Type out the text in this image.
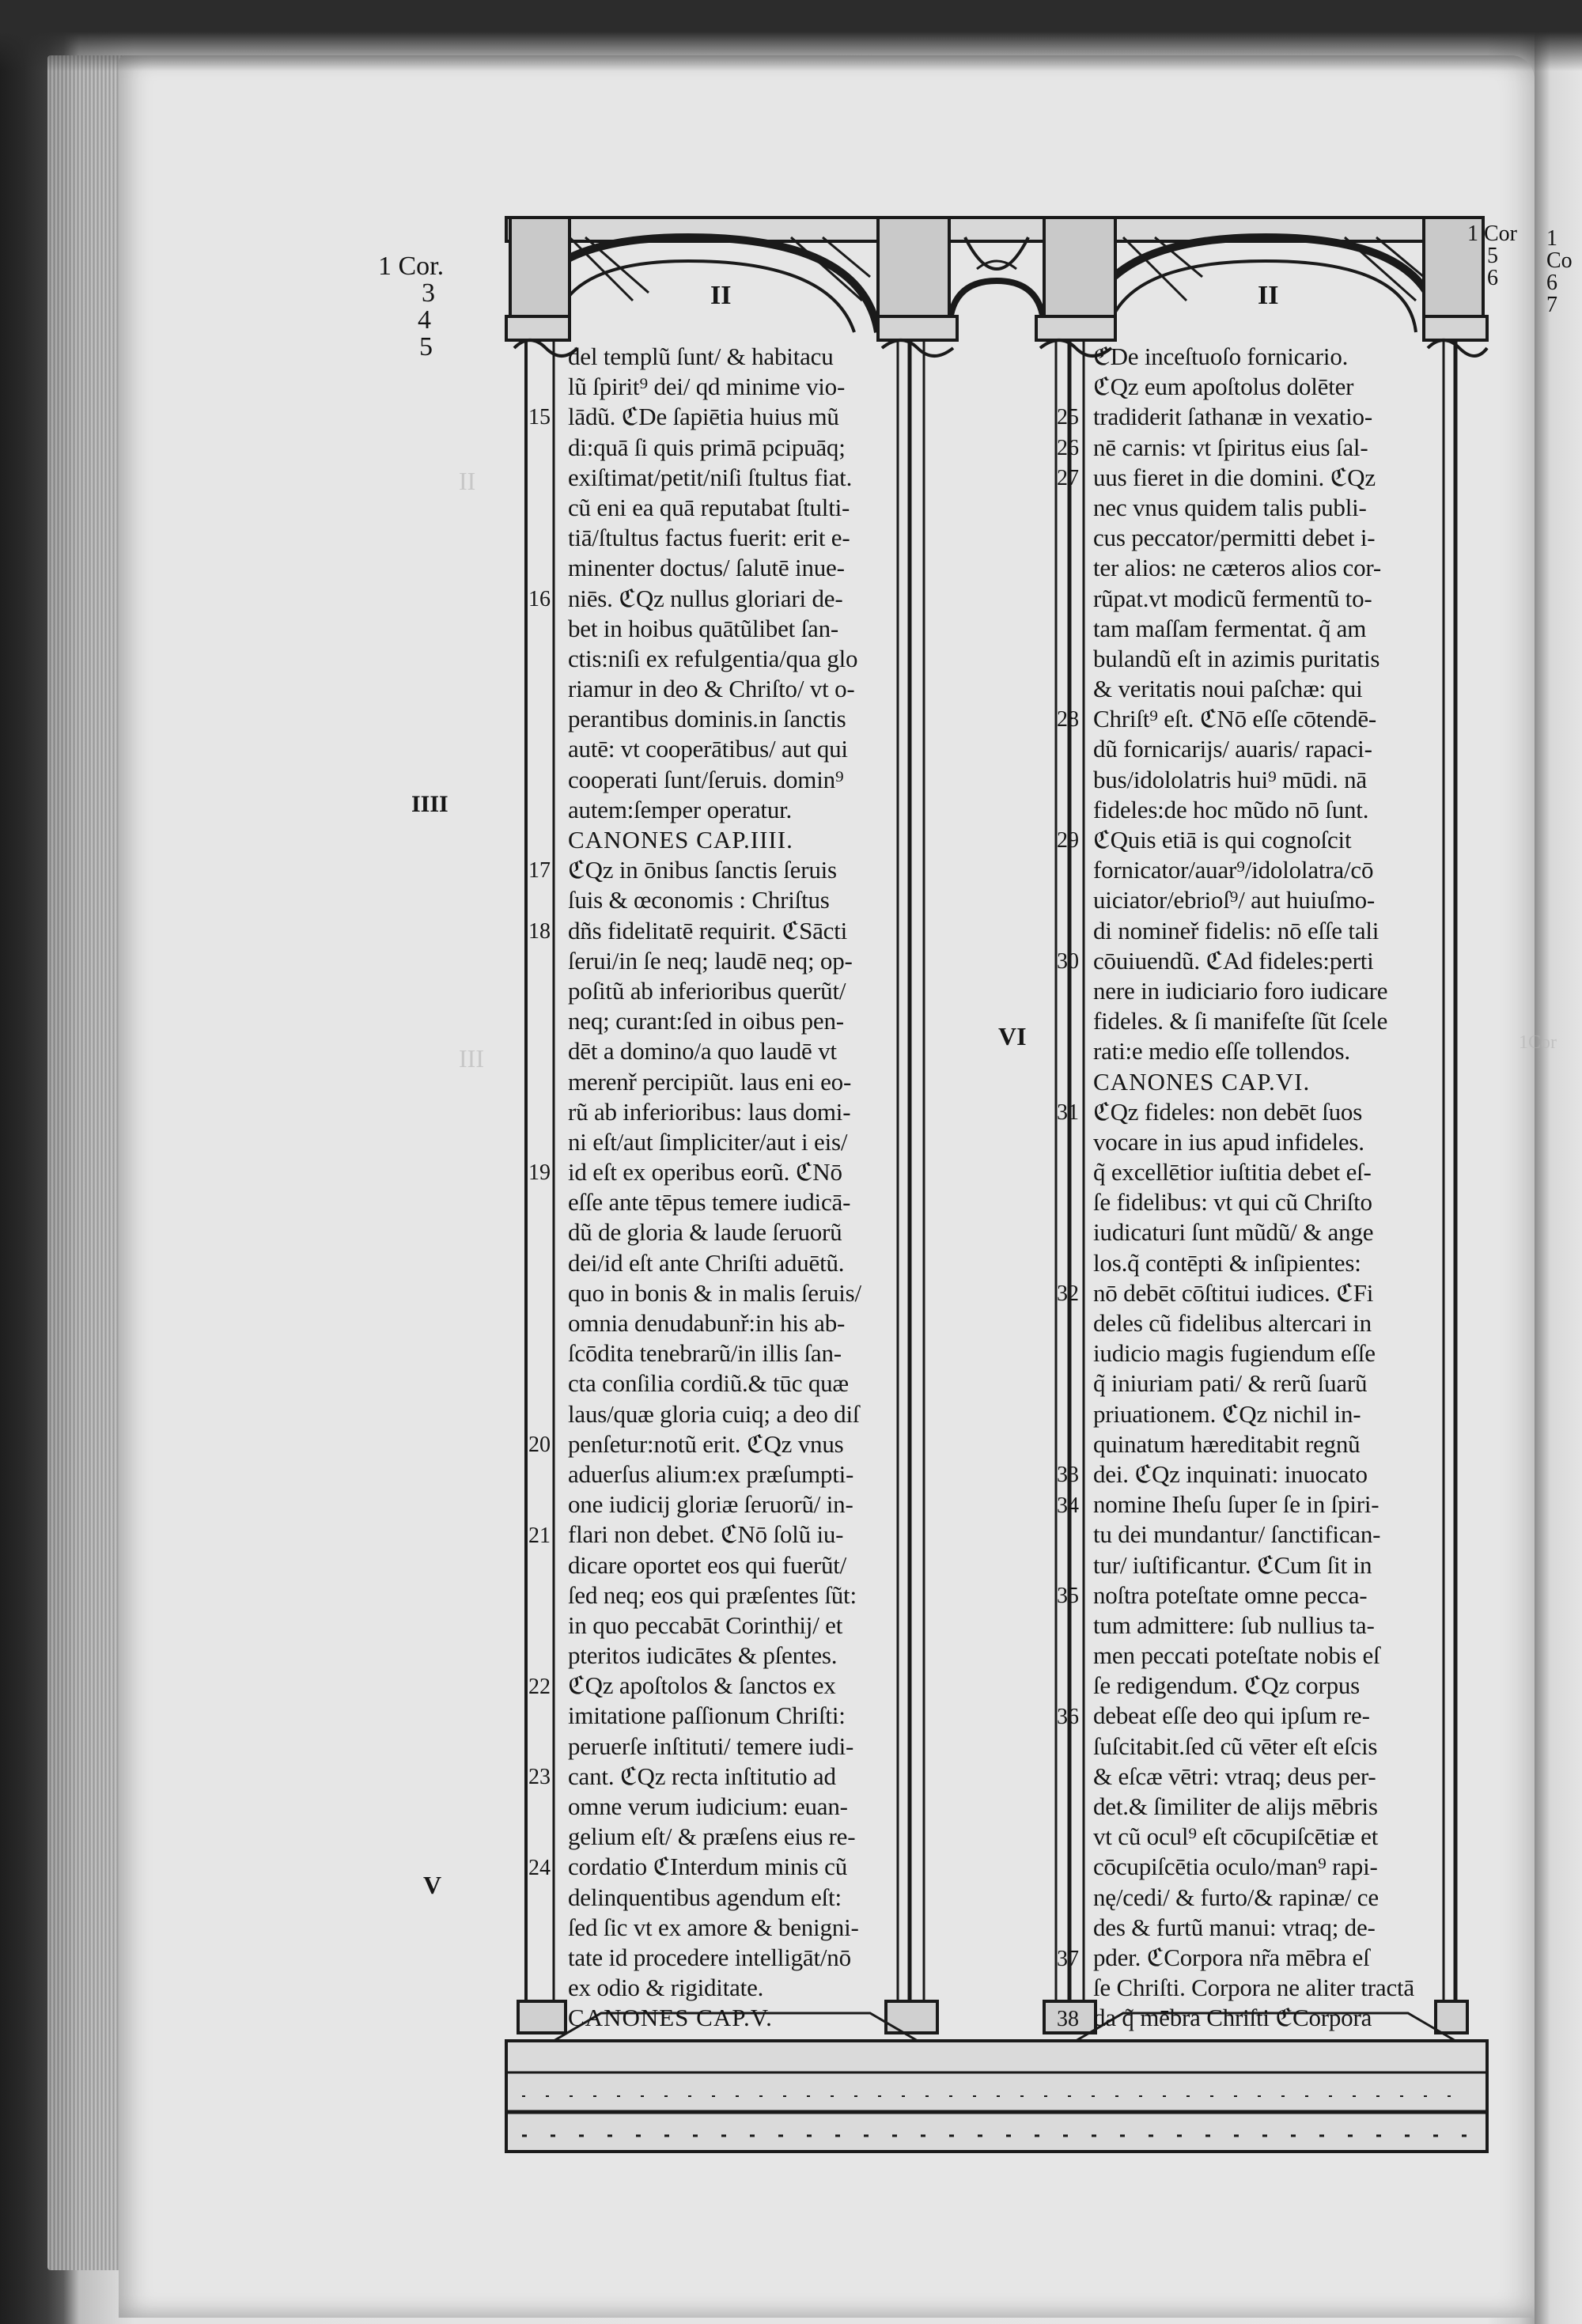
II
III
1Cor
1 Cor.
3
4
5
1 Cor
5
6
1 Co
6
7
II	II
IIII
V
VI
del templũ ſunt/ & habitacu
lũ ſpirit⁹ dei/ qd minime vio-
lādũ. ℭDe ſapiētia huius mũ
di:quā ſi quis primā pcipuāq;
exiſtimat/petit/niſi ſtultus fiat.
cũ eni ea quā reputabat ſtulti-
tiā/ſtultus factus fuerit: erit e-
minenter doctus/ ſalutē inue-
niēs. ℭQz nullus gloriari de-
bet in hoibus quātũlibet ſan-
ctis:niſi ex refulgentia/qua glo
riamur in deo & Chriſto/ vt o-
perantibus dominis.in ſanctis
autē: vt cooperātibus/ aut qui
cooperati ſunt/ſeruis. domin⁹
autem:ſemper operatur.
CANONES CAP.IIII.
ℭQz in ōnibus ſanctis ſeruis
ſuis & œconomis : Chriſtus
dñs fidelitatē requirit. ℭSācti
ſerui/in ſe neq; laudē neq; op-
poſitũ ab inferioribus querũt/
neq; curant:ſed in oibus pen-
dēt a domino/a quo laudē vt
merenř percipiũt. laus eni eo-
rũ ab inferioribus: laus domi-
ni eſt/aut ſimpliciter/aut i eis/
id eſt ex operibus eorũ. ℭNō
eſſe ante tēpus temere iudicā-
dũ de gloria & laude ſeruorũ
dei/id eſt ante Chriſti aduētũ.
quo in bonis & in malis ſeruis/
omnia denudabunř:in his ab-
ſcōdita tenebrarũ/in illis ſan-
cta conſilia cordiũ.& tūc quæ
laus/quæ gloria cuiq; a deo diſ
penſetur:notũ erit. ℭQz vnus
aduerſus alium:ex præſumpti-
one iudicij gloriæ ſeruorũ/ in-
flari non debet. ℭNō ſolũ iu-
dicare oportet eos qui fuerũt/
ſed neq; eos qui præſentes ſũt:
in quo peccabāt Corinthij/ et
pteritos iudicātes & pſentes.
ℭQz apoſtolos & ſanctos ex
imitatione paſſionum Chriſti:
peruerſe inſtituti/ temere iudi-
cant. ℭQz recta inſtitutio ad
omne verum iudicium: euan-
gelium eſt/ & præſens eius re-
cordatio ℭInterdum minis cũ
delinquentibus agendum eſt:
ſed ſic vt ex amore & benigni-
tate id procedere intelligāt/nō
ex odio & rigiditate.
CANONES CAP.V.
ℭDe inceſtuoſo fornicario.
ℭQz eum apoſtolus dolēter
tradiderit ſathanæ in vexatio-
nē carnis: vt ſpiritus eius ſal-
uus fieret in die domini. ℭQz
nec vnus quidem talis publi-
cus peccator/permitti debet i-
ter alios: ne cæteros alios cor-
rũpat.vt modicũ fermentũ to-
tam maſſam fermentat. q̃ am
bulandũ eſt in azimis puritatis
& veritatis noui paſchæ: qui
Chriſt⁹ eſt. ℭNō eſſe cōtendē-
dũ fornicarijs/ auaris/ rapaci-
bus/idololatris hui⁹ mūdi. nā
fideles:de hoc mũdo nō ſunt.
ℭQuis etiā is qui cognoſcit
fornicator/auar⁹/idololatra/cō
uiciator/ebrioſ⁹/ aut huiuſmo-
di nomineř fidelis: nō eſſe tali
cōuiuendũ. ℭAd fideles:perti
nere in iudiciario foro iudicare
fideles. & ſi manifeſte ſũt ſcele
rati:e medio eſſe tollendos.
CANONES CAP.VI.
ℭQz fideles: non debēt ſuos
vocare in ius apud infideles.
q̃ excellētior iuſtitia debet eſ-
ſe fidelibus: vt qui cũ Chriſto
iudicaturi ſunt mũdũ/ & ange
los.q̃ contēpti & inſipientes:
nō debēt cōſtitui iudices. ℭFi
deles cũ fidelibus altercari in
iudicio magis fugiendum eſſe
q̃ iniuriam pati/ & rerũ ſuarũ
priuationem. ℭQz nichil in-
quinatum hæreditabit regnũ
dei. ℭQz inquinati: inuocato
nomine Iheſu ſuper ſe in ſpiri-
tu dei mundantur/ ſanctifican-
tur/ iuſtificantur. ℭCum ſit in
noſtra poteſtate omne pecca-
tum admittere: ſub nullius ta-
men peccati poteſtate nobis eſ
ſe redigendum. ℭQz corpus
debeat eſſe deo qui ipſum re-
ſuſcitabit.ſed cũ vēter eſt eſcis
& eſcæ vētri: vtraq; deus per-
det.& ſimiliter de alijs mēbris
vt cũ ocul⁹ eſt cōcupiſcētiæ et
cōcupiſcētia oculo/man⁹ rapi-
nę/cedi/ & furto/& rapinæ/ ce
des & furtũ manui: vtraq; de-
pder. ℭCorpora nr̃a mēbra eſ
ſe Chriſti. Corpora ne aliter tractā
da q̃ mēbra Chriſti ℭCorpora
15
16
17
18
19
20
21
22
23
24
25
26
27
28
29
30
31
32
33
34
35
36
37
38
